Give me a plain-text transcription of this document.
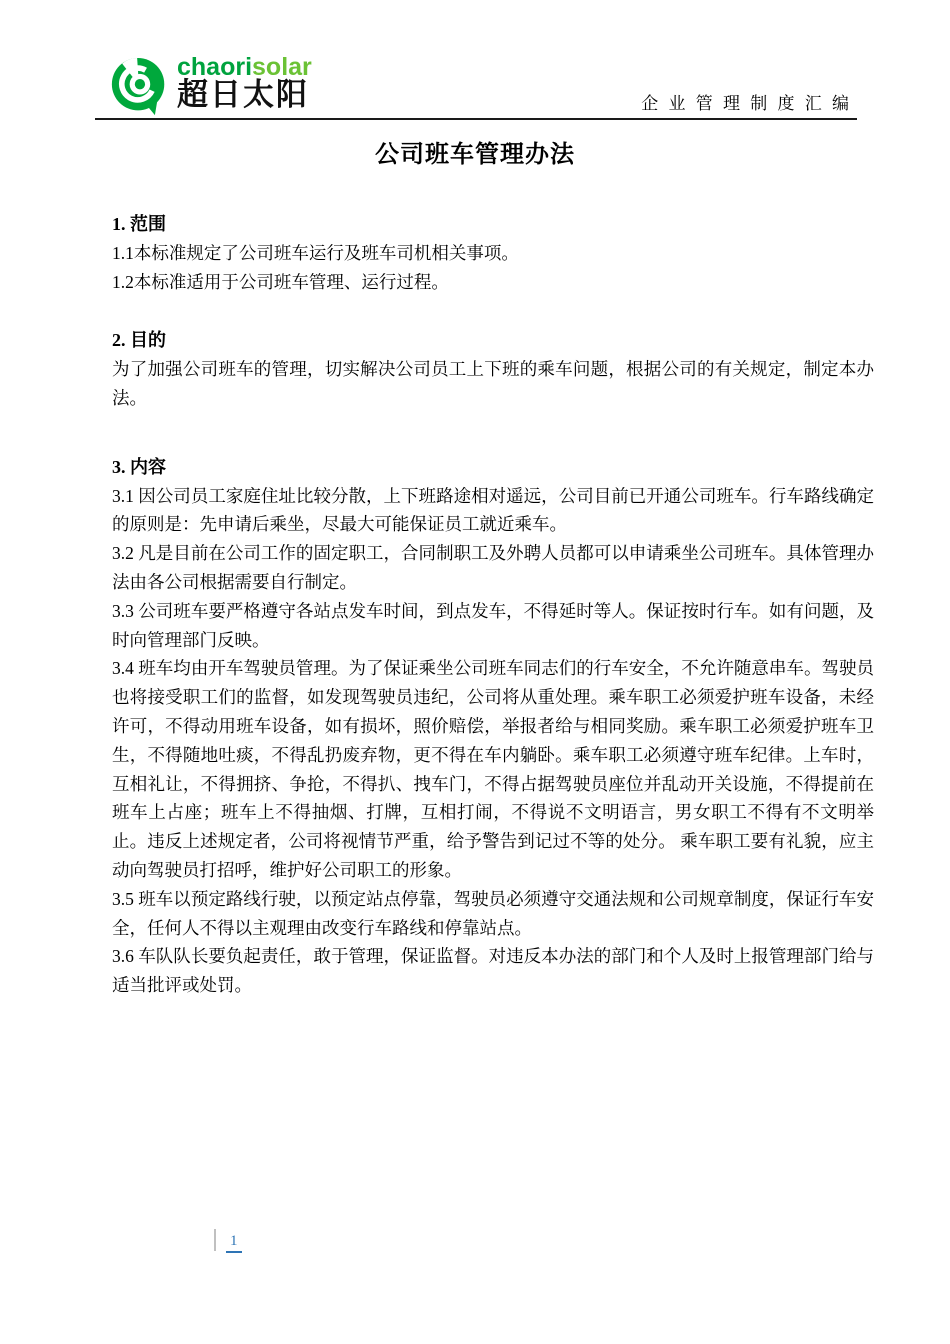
chaorisolar
超日太阳	企 业 管 理 制 度 汇 编
公司班车管理办法
1. 范围

1.1本标准规定了公司班车运行及班车司机相关事项。

1.2本标准适用于公司班车管理、运行过程。

2. 目的

为了加强公司班车的管理，切实解决公司员工上下班的乘车问题，根据公司的有关规定，制定本办法。

3. 内容

3.1 因公司员工家庭住址比较分散，上下班路途相对遥远，公司目前已开通公司班车。行车路线确定的原则是：先申请后乘坐，尽最大可能保证员工就近乘车。

3.2 凡是目前在公司工作的固定职工，合同制职工及外聘人员都可以申请乘坐公司班车。具体管理办法由各公司根据需要自行制定。

3.3 公司班车要严格遵守各站点发车时间，到点发车，不得延时等人。保证按时行车。如有问题，及时向管理部门反映。

3.4 班车均由开车驾驶员管理。为了保证乘坐公司班车同志们的行车安全，不允许随意串车。驾驶员也将接受职工们的监督，如发现驾驶员违纪，公司将从重处理。乘车职工必须爱护班车设备，未经许可，不得动用班车设备，如有损坏，照价赔偿，举报者给与相同奖励。乘车职工必须爱护班车卫生，不得随地吐痰，不得乱扔废弃物，更不得在车内躺卧。乘车职工必须遵守班车纪律。上车时，互相礼让，不得拥挤、争抢，不得扒、拽车门，不得占据驾驶员座位并乱动开关设施，不得提前在班车上占座；班车上不得抽烟、打牌，互相打闹，不得说不文明语言，男女职工不得有不文明举止。违反上述规定者，公司将视情节严重，给予警告到记过不等的处分。 乘车职工要有礼貌，应主动向驾驶员打招呼，维护好公司职工的形象。

3.5 班车以预定路线行驶，以预定站点停靠，驾驶员必须遵守交通法规和公司规章制度，保证行车安全，任何人不得以主观理由改变行车路线和停靠站点。

3.6 车队队长要负起责任，敢于管理，保证监督。对违反本办法的部门和个人及时上报管理部门给与适当批评或处罚。

1
